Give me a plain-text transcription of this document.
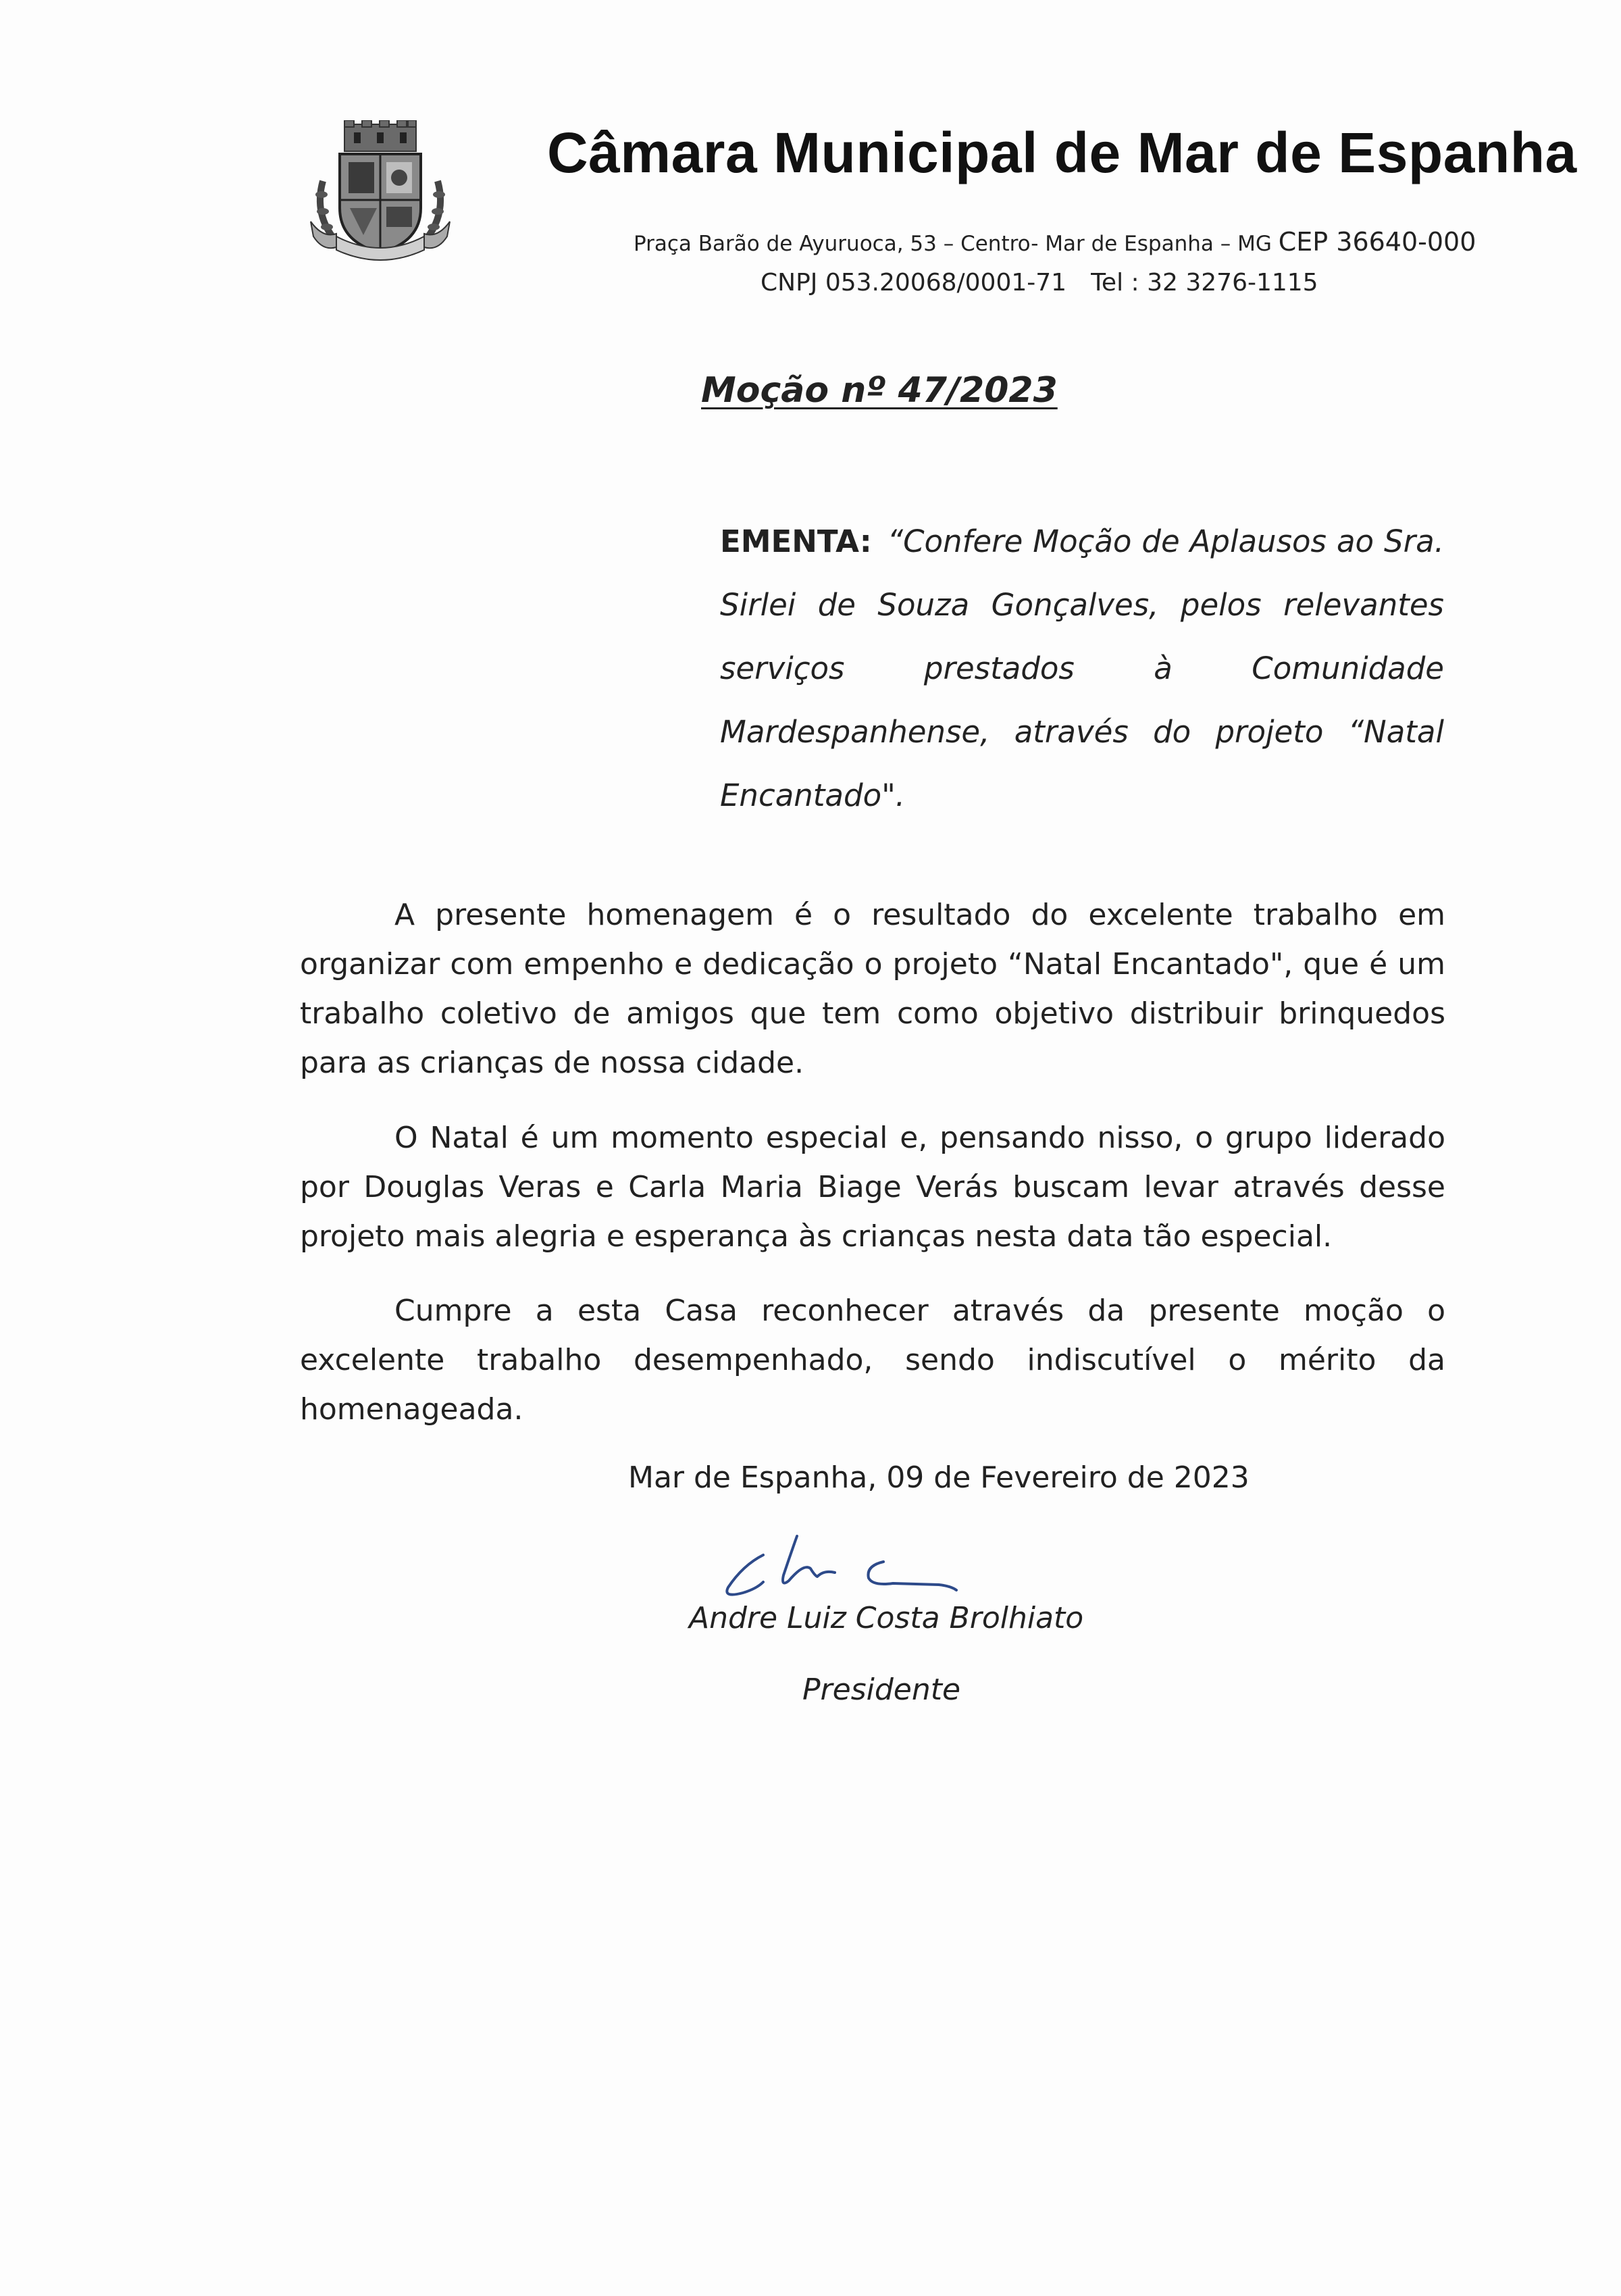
Câmara Municipal de Mar de Espanha
Praça Barão de Ayuruoca, 53 – Centro- Mar de Espanha – MG CEP 36640-000
CNPJ 053.20068/0001-71 Tel : 32 3276-1115
Moção nº 47/2023
EMENTA: “Confere Moção de Aplausos ao Sra. Sirlei de Souza Gonçalves, pelos relevantes serviços prestados à Comunidade Mardespanhense, através do projeto “Natal Encantado".

A presente homenagem é o resultado do excelente trabalho em organizar com empenho e dedicação o projeto “Natal Encantado", que é um trabalho coletivo de amigos que tem como objetivo distribuir brinquedos para as crianças de nossa cidade.

O Natal é um momento especial e, pensando nisso, o grupo liderado por Douglas Veras e Carla Maria Biage Verás buscam levar através desse projeto mais alegria e esperança às crianças nesta data tão especial.

Cumpre a esta Casa reconhecer através da presente moção o excelente trabalho desempenhado, sendo indiscutível o mérito da homenageada.

Mar de Espanha, 09 de Fevereiro de 2023
Andre Luiz Costa Brolhiato
Presidente
